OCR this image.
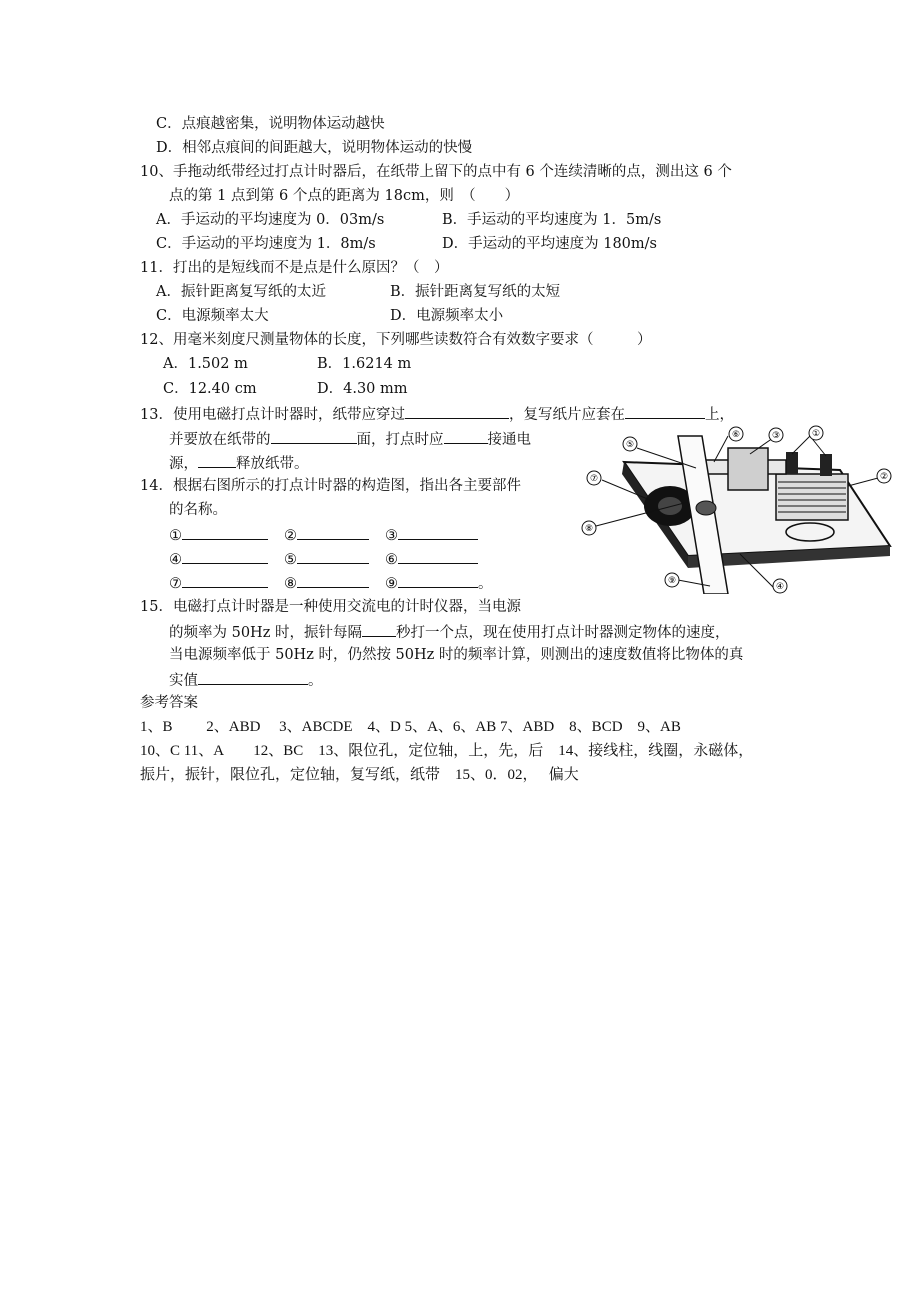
C．点痕越密集，说明物体运动越快
D．相邻点痕间的间距越大，说明物体运动的快慢
10、手拖动纸带经过打点计时器后，在纸带上留下的点中有 6 个连续清晰的点，测出这 6 个
点的第 1 点到第 6 个点的距离为 18cm，则　（　　）
A．手运动的平均速度为 0．03m/s	B．手运动的平均速度为 1．5m/s
C．手运动的平均速度为 1．8m/s	D．手运动的平均速度为 180m/s
11．打出的是短线而不是点是什么原因？（　）
A．振针距离复写纸的太近	B．振针距离复写纸的太短
C．电源频率太大	D．电源频率太小
12、用毫米刻度尺测量物体的长度，下列哪些读数符合有效数字要求（　　　）
A．1.502 m	B．1.6214 m
C．12.40 cm	D．4.30 mm
13．使用电磁打点计时器时，纸带应穿过	，复写纸片应套在	上，
并要放在纸带的	面，打点时应	接通电
源，	释放纸带。
14．根据右图所示的打点计时器的构造图，指出各主要部件
的名称。
①	②	③
④	⑤	⑥
⑦	⑧	⑨	。
15．电磁打点计时器是一种使用交流电的计时仪器，当电源
的频率为 50Hz 时，振针每隔 秒打一个点，现在使用打点计时器测定物体的速度，
当电源频率低于 50Hz 时，仍然按 50Hz 时的频率计算，则测出的速度数值将比物体的真
实值	。
参考答案
1、B　　 2、ABD　 3、ABCDE　4、D 5、A、6、AB 7、ABD　8、BCD　9、AB
10、C 11、A　　12、BC　13、限位孔，定位轴，上，先，后　14、接线柱，线圈，永磁体，
振片，振针，限位孔，定位轴，复写纸，纸带　15、0．02，　 偏大
⑤
⑥	③	①
②
⑦
⑧
④
⑨
